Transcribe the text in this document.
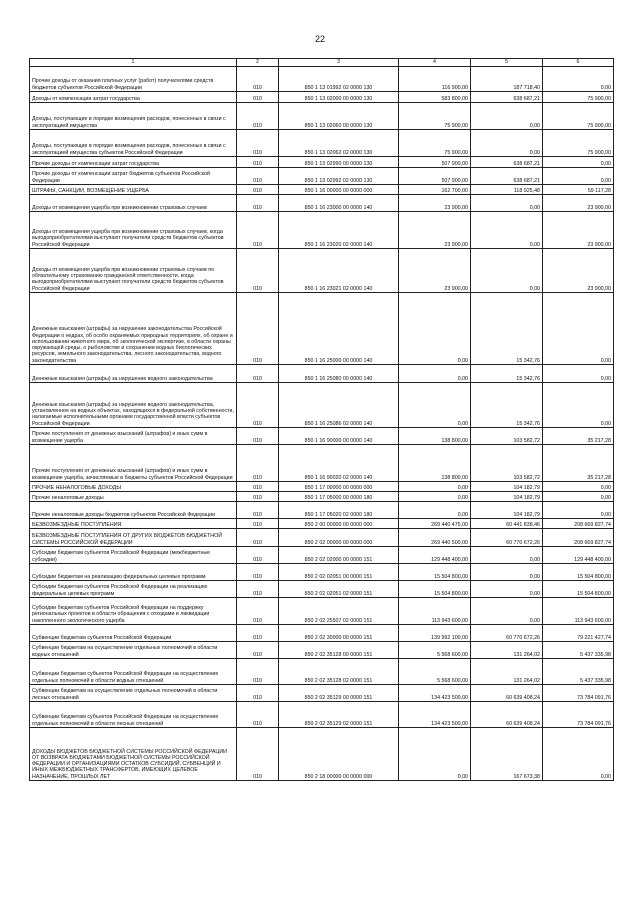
22
1	2	3	4	5	6
Прочие доходы от оказания платных услуг (работ) получателями средств бюджетов субъектов Российской Федерации	010	850 1 13 01992 02 0000 130	116 900,00	187 718,40	0,00
Доходы от компенсации затрат государства	010	850 1 13 02000 00 0000 130	583 800,00	638 687,21	75 900,00
Доходы, поступающие в порядке возмещения расходов, понесенных в связи с эксплуатацией имущества	010	850 1 13 02060 00 0000 130	75 900,00	0,00	75 900,00
Доходы, поступающие в порядке возмещения расходов, понесенных в связи с эксплуатацией имущества субъектов Российской Федерации	010	850 1 13 02062 02 0000 130	75 900,00	0,00	75 900,00
Прочие доходы от компенсации затрат государства	010	850 1 13 02990 00 0000 130	507 900,00	638 687,21	0,00
Прочие доходы от компенсации затрат бюджетов субъектов Российской Федерации	010	850 1 13 02992 02 0000 130	507 900,00	638 687,21	0,00
ШТРАФЫ, САНКЦИИ, ВОЗМЕЩЕНИЕ УЩЕРБА	010	850 1 16 00000 00 0000 000	162 700,00	118 925,48	59 117,28
Доходы от возмещения ущерба при возникновении страховых случаев	010	850 1 16 23000 00 0000 140	23 900,00	0,00	23 900,00
Доходы от возмещения ущерба при возникновении страховых случаев, когда выгодоприобретателями выступают получатели средств бюджетов субъектов Российской Федерации	010	850 1 16 23020 02 0000 140	23 900,00	0,00	23 900,00
Доходы от возмещения ущерба при возникновении страховых случаев по обязательному страхованию гражданской ответственности, когда выгодоприобретателями выступают получатели средств бюджетов субъектов Российской Федерации	010	850 1 16 23021 02 0000 140	23 900,00	0,00	23 900,00
Денежные взыскания (штрафы) за нарушение законодательства Российской Федерации о недрах, об особо охраняемых природных территориях, об охране и использовании животного мира, об экологической экспертизе, в области охраны окружающей среды, о рыболовстве и сохранении водных биологических ресурсов, земельного законодательства, лесного законодательства, водного законодательства	010	850 1 16 25000 00 0000 140	0,00	15 342,76	0,00
Денежные взыскания (штрафы) за нарушение водного законодательства	010	850 1 16 25080 00 0000 140	0,00	15 342,76	0,00
Денежные взыскания (штрафы) за нарушение водного законодательства, установленное на водных объектах, находящихся в федеральной собственности, налагаемые исполнительными органами государственной власти субъектов Российской Федерации	010	850 1 16 25086 02 0000 140	0,00	15 342,76	0,00
Прочие поступления от денежных взысканий (штрафов) и иных сумм в возмещение ущерба	010	850 1 16 90000 00 0000 140	138 800,00	103 582,72	35 217,28
Прочие поступления от денежных взысканий (штрафов) и иных сумм в возмещение ущерба, зачисляемые в бюджеты субъектов Российской Федерации	010	850 1 16 90020 02 0000 140	138 800,00	103 582,72	35 217,28
ПРОЧИЕ НЕНАЛОГОВЫЕ ДОХОДЫ	010	850 1 17 00000 00 0000 000	0,00	104 182,79	0,00
Прочие неналоговые доходы	010	850 1 17 05000 00 0000 180	0,00	104 182,79	0,00
Прочие неналоговые доходы бюджетов субъектов Российской Федерации	010	850 1 17 05020 02 0000 180	0,00	104 182,79	0,00
БЕЗВОЗМЕЗДНЫЕ ПОСТУПЛЕНИЯ	010	850 2 00 00000 00 0000 000	269 440 475,00	60 441 838,46	208 669 827,74
БЕЗВОЗМЕЗДНЫЕ ПОСТУПЛЕНИЯ ОТ ДРУГИХ БЮДЖЕТОВ БЮДЖЕТНОЙ СИСТЕМЫ РОССИЙСКОЙ ФЕДЕРАЦИИ	010	850 2 02 00000 00 0000 000	269 440 500,00	60 770 672,26	208 669 827,74
Субсидии бюджетам субъектов Российской Федерации (межбюджетные субсидии)	010	850 2 02 02000 00 0000 151	129 448 400,00	0,00	129 448 400,00
Субсидии бюджетам на реализацию федеральных целевых программ	010	850 2 02 02051 00 0000 151	15 504 800,00	0,00	15 504 800,00
Субсидии бюджетам субъектов Российской Федерации на реализацию федеральных целевых программ	010	850 2 02 02051 02 0000 151	15 504 800,00	0,00	15 504 800,00
Субсидии бюджетам субъектов Российской Федерации на поддержку региональных проектов в области обращения с отходами и ликвидации накопленного экологического ущерба	010	850 2 02 25507 02 0000 151	113 943 600,00	0,00	113 943 600,00
Субвенции бюджетам субъектов Российской Федерации	010	850 2 02 30000 00 0000 151	139 992 100,00	60 770 672,26	79 221 427,74
Субвенции бюджетам на осуществление отдельных полномочий в области водных отношений	010	850 2 02 35128 00 0000 151	5 568 600,00	131 264,02	5 437 335,98
Субвенции бюджетам субъектов Российской Федерации на осуществление отдельных полномочий в области водных отношений	010	850 2 02 35128 02 0000 151	5 568 600,00	131 264,02	5 437 335,98
Субвенции бюджетам на осуществление отдельных полномочий в области лесных отношений	010	850 2 02 35129 00 0000 151	134 423 500,00	60 639 408,24	73 784 091,76
Субвенции бюджетам субъектов Российской Федерации на осуществление отдельных полномочий в области лесных отношений	010	850 2 02 35129 02 0000 151	134 423 500,00	60 639 408,24	73 784 091,76
ДОХОДЫ БЮДЖЕТОВ БЮДЖЕТНОЙ СИСТЕМЫ РОССИЙСКОЙ ФЕДЕРАЦИИ ОТ ВОЗВРАТА БЮДЖЕТАМИ БЮДЖЕТНОЙ СИСТЕМЫ РОССИЙСКОЙ ФЕДЕРАЦИИ И ОРГАНИЗАЦИЯМИ ОСТАТКОВ СУБСИДИЙ, СУБВЕНЦИЙ И ИНЫХ МЕЖБЮДЖЕТНЫХ ТРАНСФЕРТОВ, ИМЕЮЩИХ ЦЕЛЕВОЕ НАЗНАЧЕНИЕ, ПРОШЛЫХ ЛЕТ	010	850 2 18 00000 00 0000 000	0,00	167 673,38	0,00
